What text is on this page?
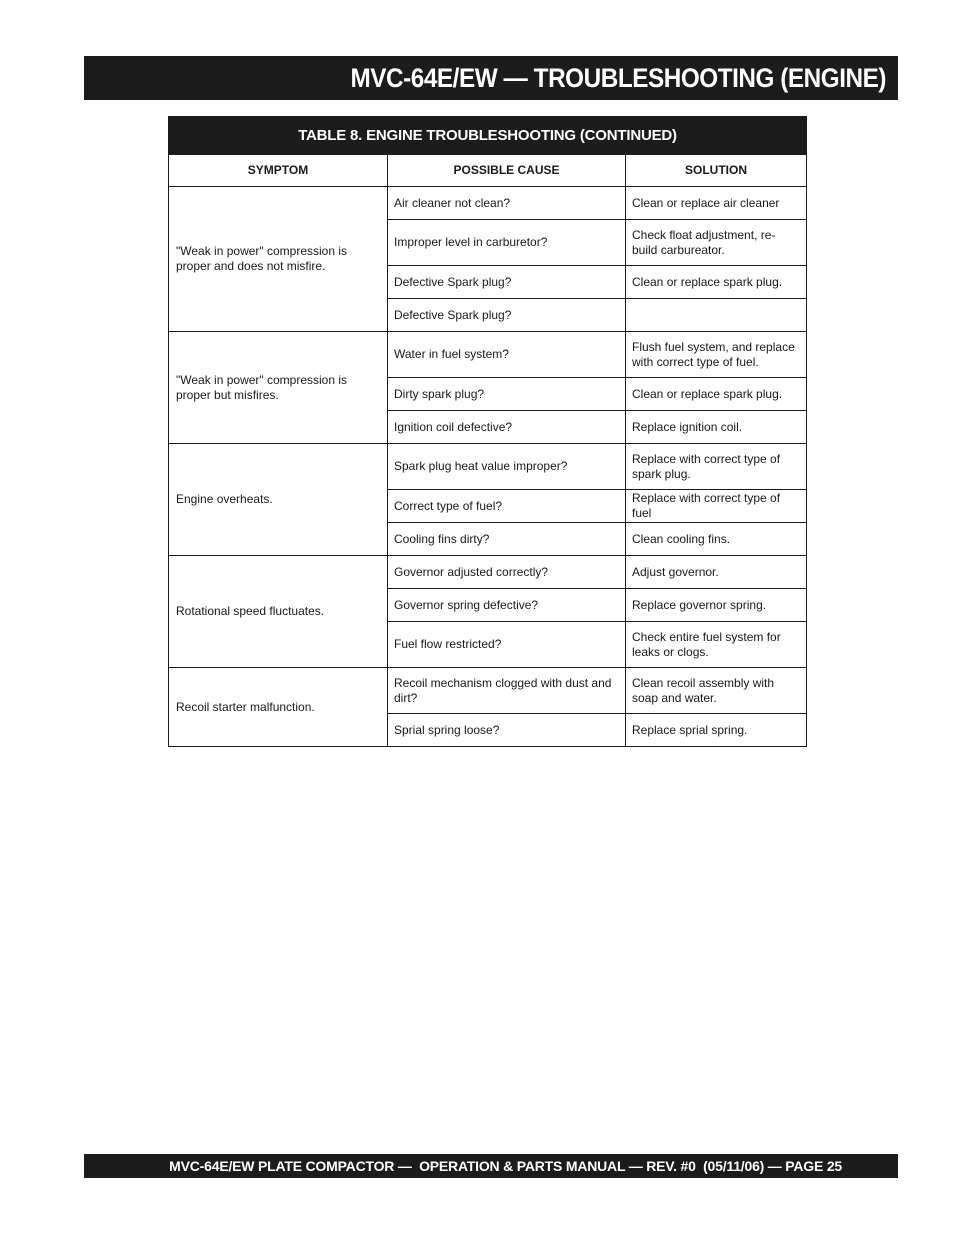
MVC-64E/EW — TROUBLESHOOTING (ENGINE)
TABLE 8. ENGINE TROUBLESHOOTING (CONTINUED)		
SYMPTOM	POSSIBLE CAUSE	SOLUTION
"Weak in power" compression is proper and does not misfire.	Air cleaner not clean?	Clean or replace air cleaner
	Improper level in carburetor?	Check float adjustment, re-build carbureator.
	Defective Spark plug?	Clean or replace spark plug.
	Defective Spark plug?	
"Weak in power" compression is proper but misfires.	Water in fuel system?	Flush fuel system, and replace with correct type of fuel.
	Dirty spark plug?	Clean or replace spark plug.
	Ignition coil defective?	Replace ignition coil.
Engine overheats.	Spark plug heat value improper?	Replace with correct type of spark plug.
	Correct type of fuel?	Replace with correct type of fuel
	Cooling fins dirty?	Clean cooling fins.
Rotational speed fluctuates.	Governor adjusted correctly?	Adjust governor.
	Governor spring defective?	Replace governor spring.
	Fuel flow restricted?	Check entire fuel system for leaks or clogs.
Recoil starter malfunction.	Recoil mechanism clogged with dust and dirt?	Clean recoil assembly with soap and water.
	Sprial spring loose?	Replace sprial spring.
MVC-64E/EW PLATE COMPACTOR —  OPERATION & PARTS MANUAL — REV. #0  (05/11/06) — PAGE 25
